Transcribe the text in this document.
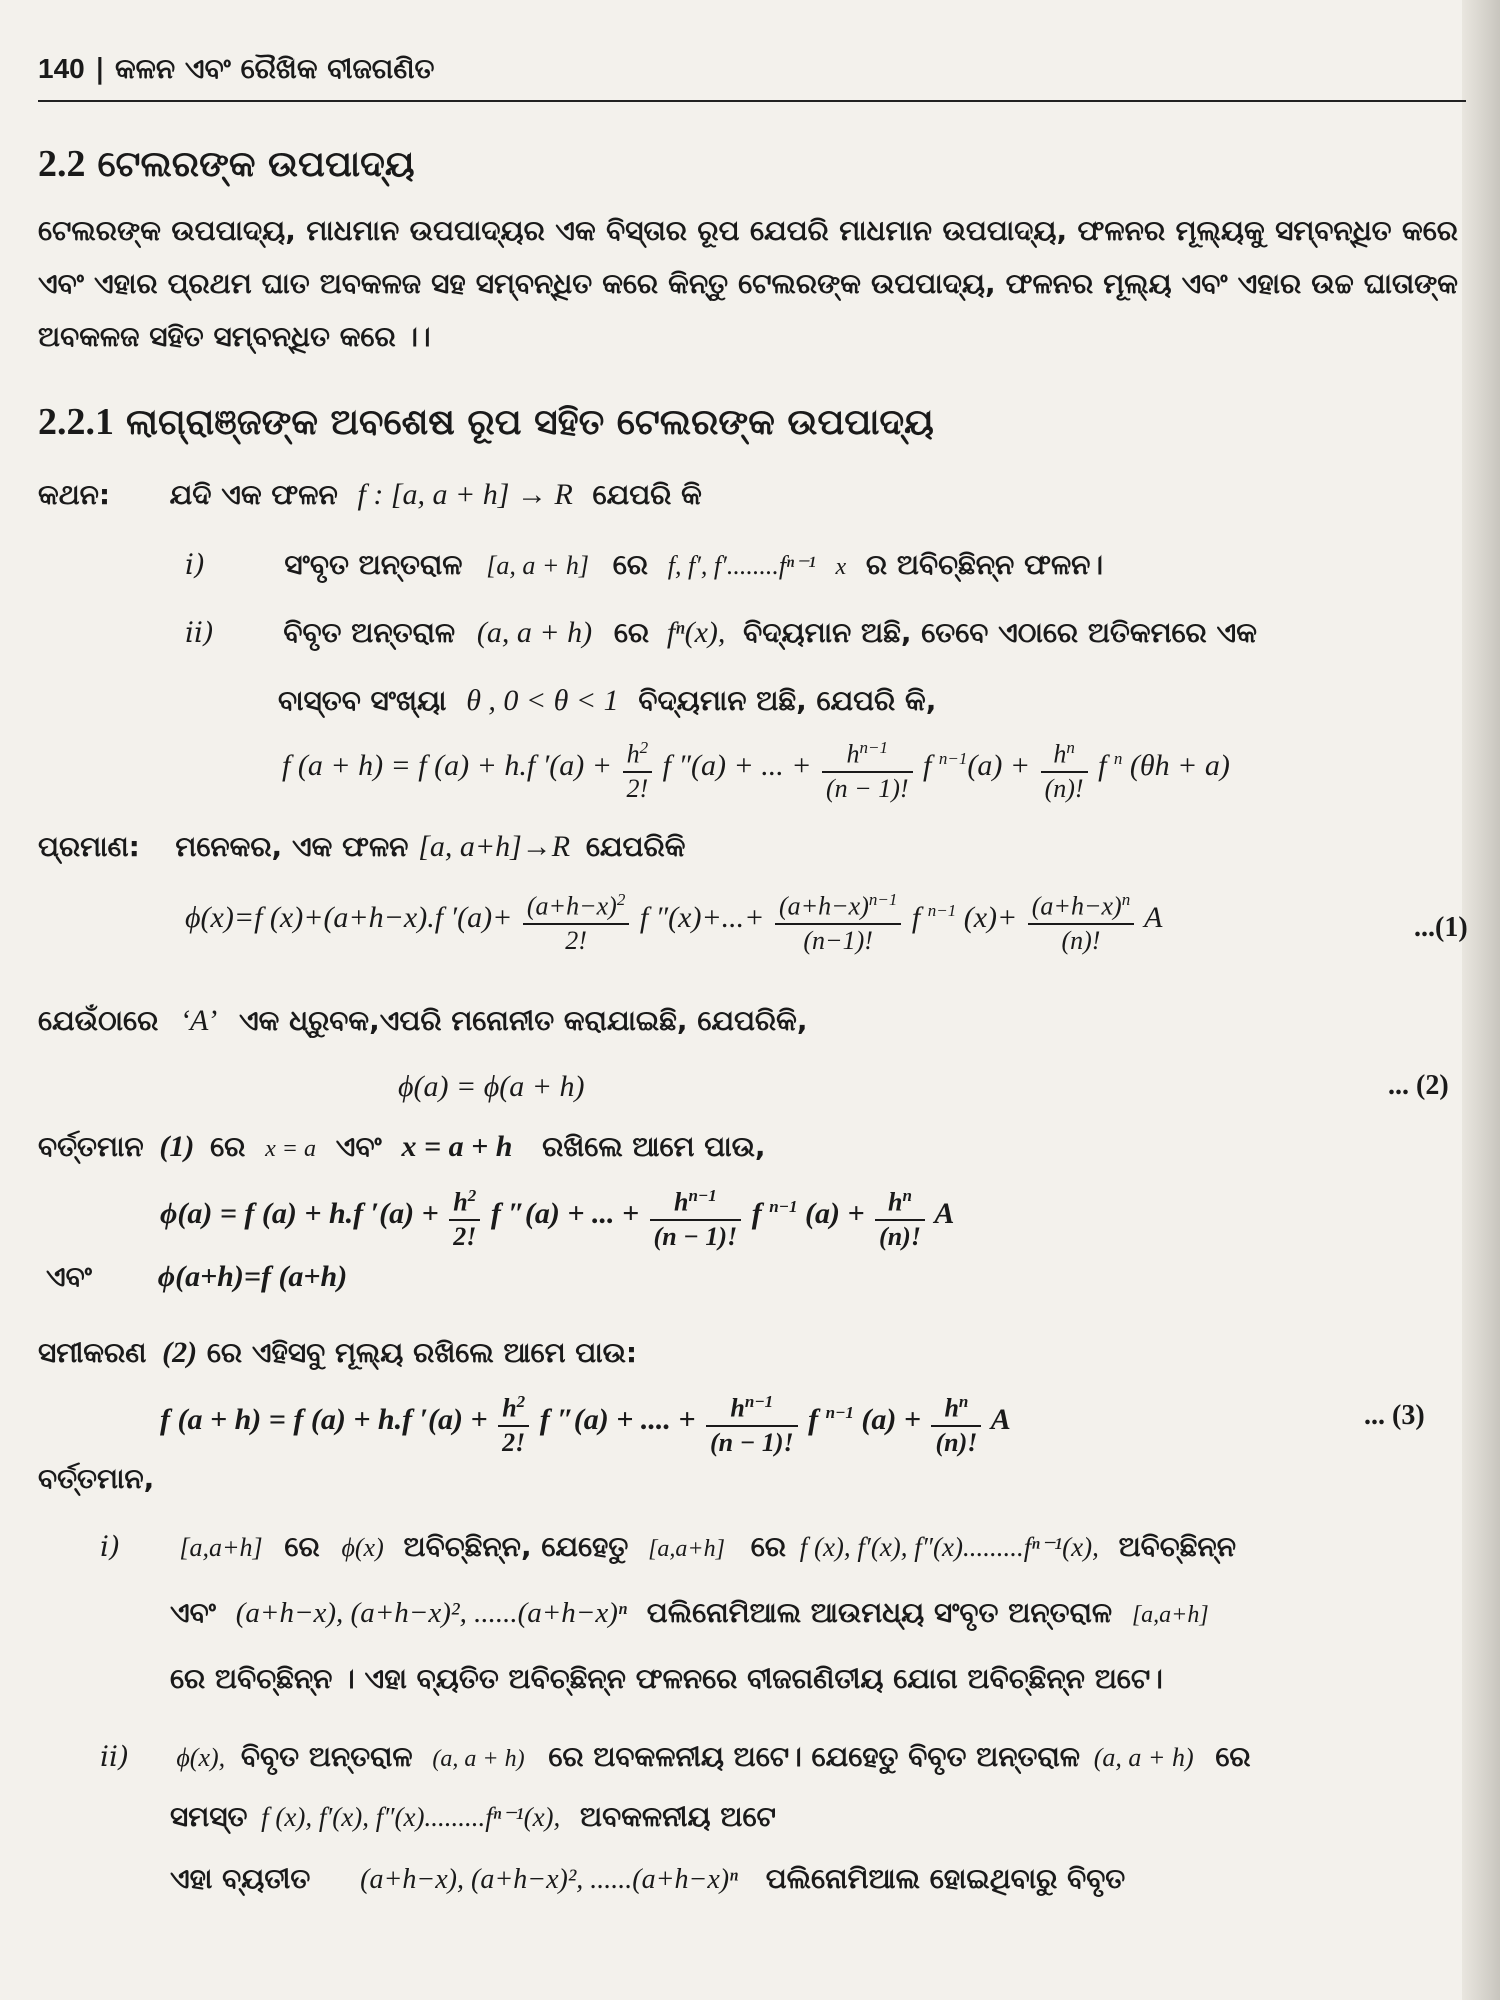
140 | କଳନ ଏବଂ ରୈଖିକ ବୀଜଗଣିତ
2.2 ଟେଲରଙ୍କ ଉପପାଦ୍ୟ
ଟେଲରଙ୍କ ଉପପାଦ୍ୟ, ମାଧମାନ ଉପପାଦ୍ୟର ଏକ ବିସ୍ତାର ରୂପ ଯେପରି ମାଧମାନ ଉପପାଦ୍ୟ, ଫଳନର ମୂଲ୍ୟକୁ ସମ୍ବନ୍ଧିତ କରେ ଏବଂ ଏହାର ପ୍ରଥମ ଘାତ ଅବକଳଜ ସହ ସମ୍ବନ୍ଧିତ କରେ କିନ୍ତୁ ଟେଲରଙ୍କ ଉପପାଦ୍ୟ, ଫଳନର ମୂଲ୍ୟ ଏବଂ ଏହାର ଉଚ୍ଚ ଘାତାଙ୍କ ଅବକଳଜ ସହିତ ସମ୍ବନ୍ଧିତ କରେ ।।
2.2.1 ଲାଗ୍ରାଞ୍ଜଙ୍କ ଅବଶେଷ ରୂପ ସହିତ ଟେଲରଙ୍କ ଉପପାଦ୍ୟ
କଥନ: ଯଦି ଏକ ଫଳନ f : [a, a + h] → R ଯେପରି କି
i)	ସଂବୃତ ଅନ୍ତରାଳ [a, a + h] ରେ f, f′, f′........fⁿ⁻¹ x ର ଅବିଚ୍ଛିନ୍ନ ଫଳନ।
ii) ବିବୃତ ଅନ୍ତରାଳ (a, a + h) ରେ fⁿ(x), ବିଦ୍ୟମାନ ଅଛି, ତେବେ ଏଠାରେ ଅତିକମରେ ଏକ
ବାସ୍ତବ ସଂଖ୍ୟା θ , 0 < θ < 1 ବିଦ୍ୟମାନ ଅଛି, ଯେପରି କି,
f (a + h) = f (a) + h.f $'(a) + \frac{h^2}{2!}$ f ″(a) + ... + $\frac{h^{n-1}}{(n - 1)!}$ f $^{n-1}(a) + \frac{h^n}{(n)!}$ f $^n$ (θh + a)
ପ୍ରମାଣ: ମନେକର, ଏକ ଫଳନ [a, a+h]→R ଯେପରିକି
ϕ(x)=f (x)+(a+h−x).f $'(a)+ \frac{(a+h-x)^2}{2!}$ f $''(x)+...+ \frac{(a+h-x)^{n-1}}{(n-1)!}$ f $^{n-1}$ $(x)+ \frac{(a+h-x)^n}{(n)!}$ A	...(1)
ଯେଉଁଠାରେ ‘A’ ଏକ ଧ୍ରୁବକ,ଏପରି ମନୋନୀତ କରାଯାଇଛି, ଯେପରିକି,
ϕ(a) = ϕ(a + h)	... (2)
ବର୍ତ୍ତମାନ (1) ରେ x = a ଏବଂ x = a + h ରଖିଲେ ଆମେ ପାଉ,
ϕ(a) = f (a) + h.f $'(a) + \frac{h^2}{2!}$ f ″(a) + ... + $\frac{h^{n-1}}{(n - 1)!}$ f $^{n-1}$ $(a) + \frac{h^n}{(n)!}$ A
ଏବଂ ϕ(a+h)=f (a+h)
ସମୀକରଣ (2) ରେ ଏହିସବୁ ମୂଲ୍ୟ ରଖିଲେ ଆମେ ପାଉ:
f (a + h) = f (a) + h.f $'(a) + \frac{h^2}{2!}$ f ″(a) + .... + $\frac{h^{n-1}}{(n - 1)!}$ f $^{n-1}$ $(a) + \frac{h^n}{(n)!}$ A	... (3)
ବର୍ତ୍ତମାନ,
i) [a,a+h] ରେ ϕ(x) ଅବିଚ୍ଛିନ୍ନ, ଯେହେତୁ [a,a+h] ରେ f (x), f′(x), f″(x).........fⁿ⁻¹(x), ଅବିଚ୍ଛିନ୍ନ
ଏବଂ (a+h−x), (a+h−x)², ......(a+h−x)ⁿ ପଲିନୋମିଆଲ ଆଉମଧ୍ୟ ସଂବୃତ ଅନ୍ତରାଳ [a,a+h]
ରେ ଅବିଚ୍ଛିନ୍ନ । ଏହା ବ୍ୟତିତ ଅବିଚ୍ଛିନ୍ନ ଫଳନରେ ବୀଜଗଣିତୀୟ ଯୋଗ ଅବିଚ୍ଛିନ୍ନ ଅଟେ।
ii) ϕ(x), ବିବୃତ ଅନ୍ତରାଳ (a, a + h) ରେ ଅବକଳନୀୟ ଅଟେ। ଯେହେତୁ ବିବୃତ ଅନ୍ତରାଳ (a, a + h) ରେ
ସମସ୍ତ f (x), f′(x), f″(x).........fⁿ⁻¹(x), ଅବକଳନୀୟ ଅଟେ
ଏହା ବ୍ୟତୀତ (a+h−x), (a+h−x)², ......(a+h−x)ⁿ ପଲିନୋମିଆଲ ହୋଇଥିବାରୁ ବିବୃତ
